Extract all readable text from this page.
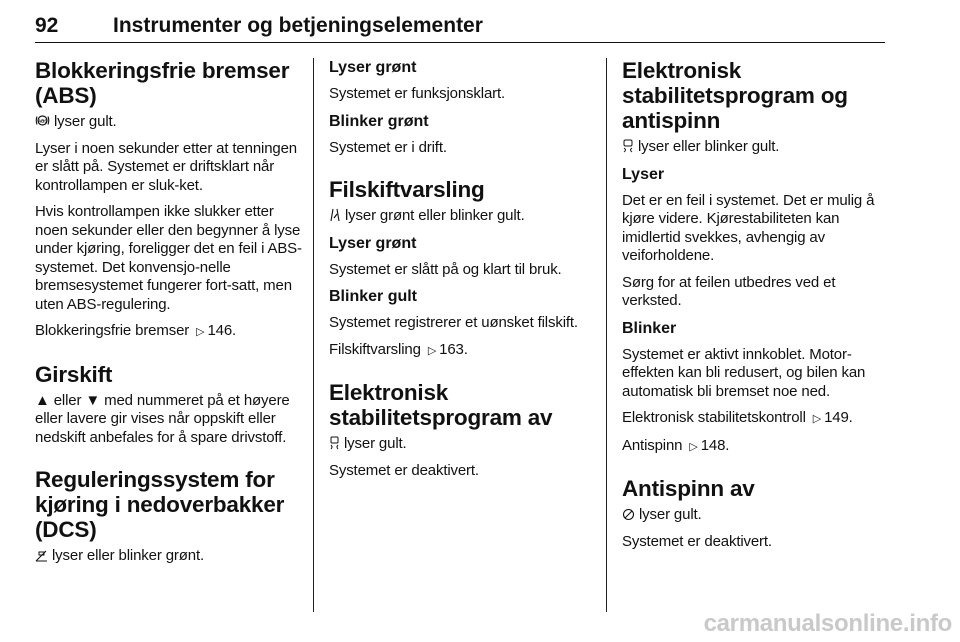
92	Instrumenter og betjeningselementer
Blokkeringsfrie bremser
(ABS)

ABS lyser gult.

Lyser i noen sekunder etter at tenningen er slått på. Systemet er driftsklart når kontrollampen er sluk-ket.

Hvis kontrollampen ikke slukker etter noen sekunder eller den begynner å lyse under kjøring, foreligger det en feil i ABS-systemet. Det konvensjo-nelle bremsesystemet fungerer fort-satt, men uten ABS-regulering.

Blokkeringsfrie bremser ▷ 146.

Girskift

▲ eller ▼ med nummeret på et høyere eller lavere gir vises når oppskift eller nedskift anbefales for å spare drivstoff.

Reguleringssystem for
kjøring i nedoverbakker
(DCS)

lyser eller blinker grønt.

Lyser grønt

Systemet er funksjonsklart.

Blinker grønt

Systemet er i drift.

Filskiftvarsling

lyser grønt eller blinker gult.

Lyser grønt

Systemet er slått på og klart til bruk.

Blinker gult

Systemet registrerer et uønsket filskift.

Filskiftvarsling ▷ 163.

Elektronisk
stabilitetsprogram av

lyser gult.

Systemet er deaktivert.

Elektronisk
stabilitetsprogram og
antispinn

lyser eller blinker gult.

Lyser

Det er en feil i systemet. Det er mulig å kjøre videre. Kjørestabiliteten kan imidlertid svekkes, avhengig av veiforholdene.

Sørg for at feilen utbedres ved et verksted.

Blinker

Systemet er aktivt innkoblet. Motor-effekten kan bli redusert, og bilen kan automatisk bli bremset noe ned.

Elektronisk stabilitetskontroll ▷ 149.

Antispinn ▷ 148.

Antispinn av

lyser gult.

Systemet er deaktivert.

carmanualsonline.info
